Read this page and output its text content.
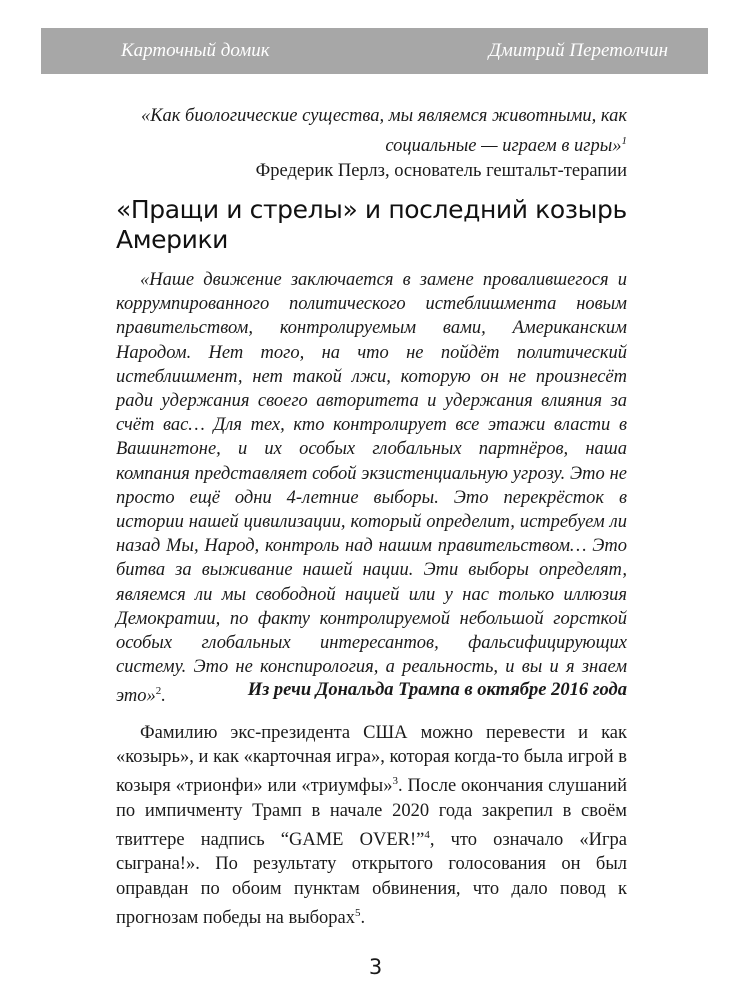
Карточный домик	Дмитрий Перетолчин
«Как биологические существа, мы являемся животными, как социальные — играем в игры»$^1$
Фредерик Перлз, основатель гештальт-терапии
«Пращи и стрелы» и последний козырь Америки

«Наше движение заключается в замене провалившегося и коррумпированного политического истеблишмента новым правительством, контролируемым вами, Американским Народом. Нет того, на что не пойдёт политический истеблишмент, нет такой лжи, которую он не произнесёт ради удержания своего авторитета и удержания влияния за счёт вас… Для тех, кто контролирует все этажи власти в Вашингтоне, и их особых глобальных партнёров, наша компания представляет собой экзистенциальную угрозу. Это не просто ещё одни 4-летние выборы. Это перекрёсток в истории нашей цивилизации, который определит, истребуем ли назад Мы, Народ, контроль над нашим правительством… Это битва за выживание нашей нации. Эти выборы определят, являемся ли мы свободной нацией или у нас только иллюзия Демократии, по факту контролируемой небольшой горсткой особых глобальных интересантов, фальсифицирующих систему. Это не конспирология, а реальность, и вы и я знаем это»$^2$.	Из речи Дональда Трампа в октябре 2016 года

Фамилию экс-президента США можно перевести и как «козырь», и как «карточная игра», которая когда-то была игрой в козыря «трионфи» или «триумфы»$^3$. После окончания слушаний по импичменту Трамп в начале 2020 года закрепил в своём твиттере надпись “GAME OVER!”$^4$, что означало «Игра сыграна!». По результату открытого голосования он был оправдан по обоим пунктам обвинения, что дало повод к прогнозам победы на выборах$^5$.

3
